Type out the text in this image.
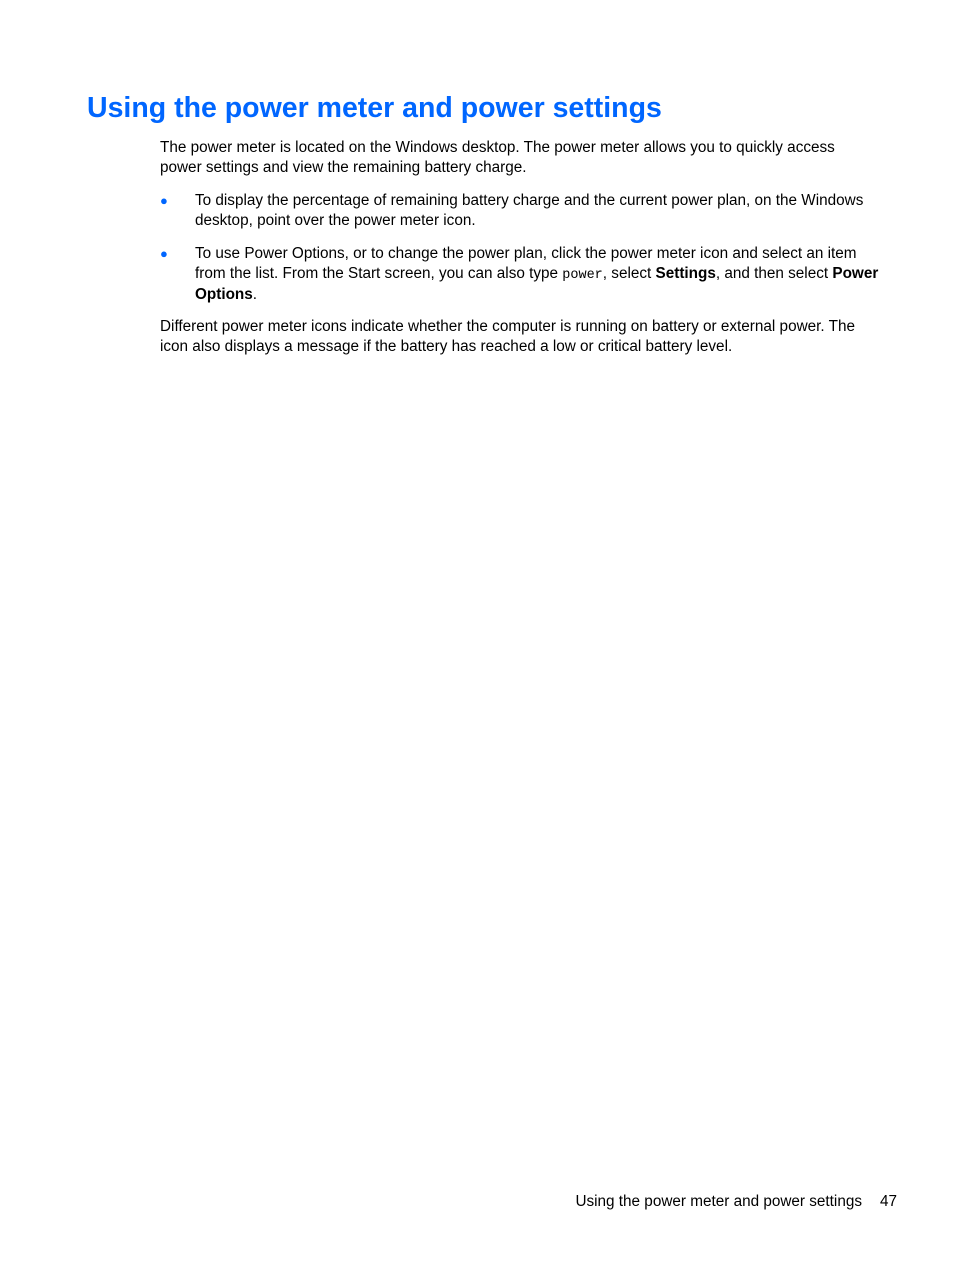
Using the power meter and power settings

The power meter is located on the Windows desktop. The power meter allows you to quickly access power settings and view the remaining battery charge.

● To display the percentage of remaining battery charge and the current power plan, on the Windows desktop, point over the power meter icon.
● To use Power Options, or to change the power plan, click the power meter icon and select an item from the list. From the Start screen, you can also type power, select Settings, and then select Power Options.

Different power meter icons indicate whether the computer is running on battery or external power. The icon also displays a message if the battery has reached a low or critical battery level.

Using the power meter and power settings 47
